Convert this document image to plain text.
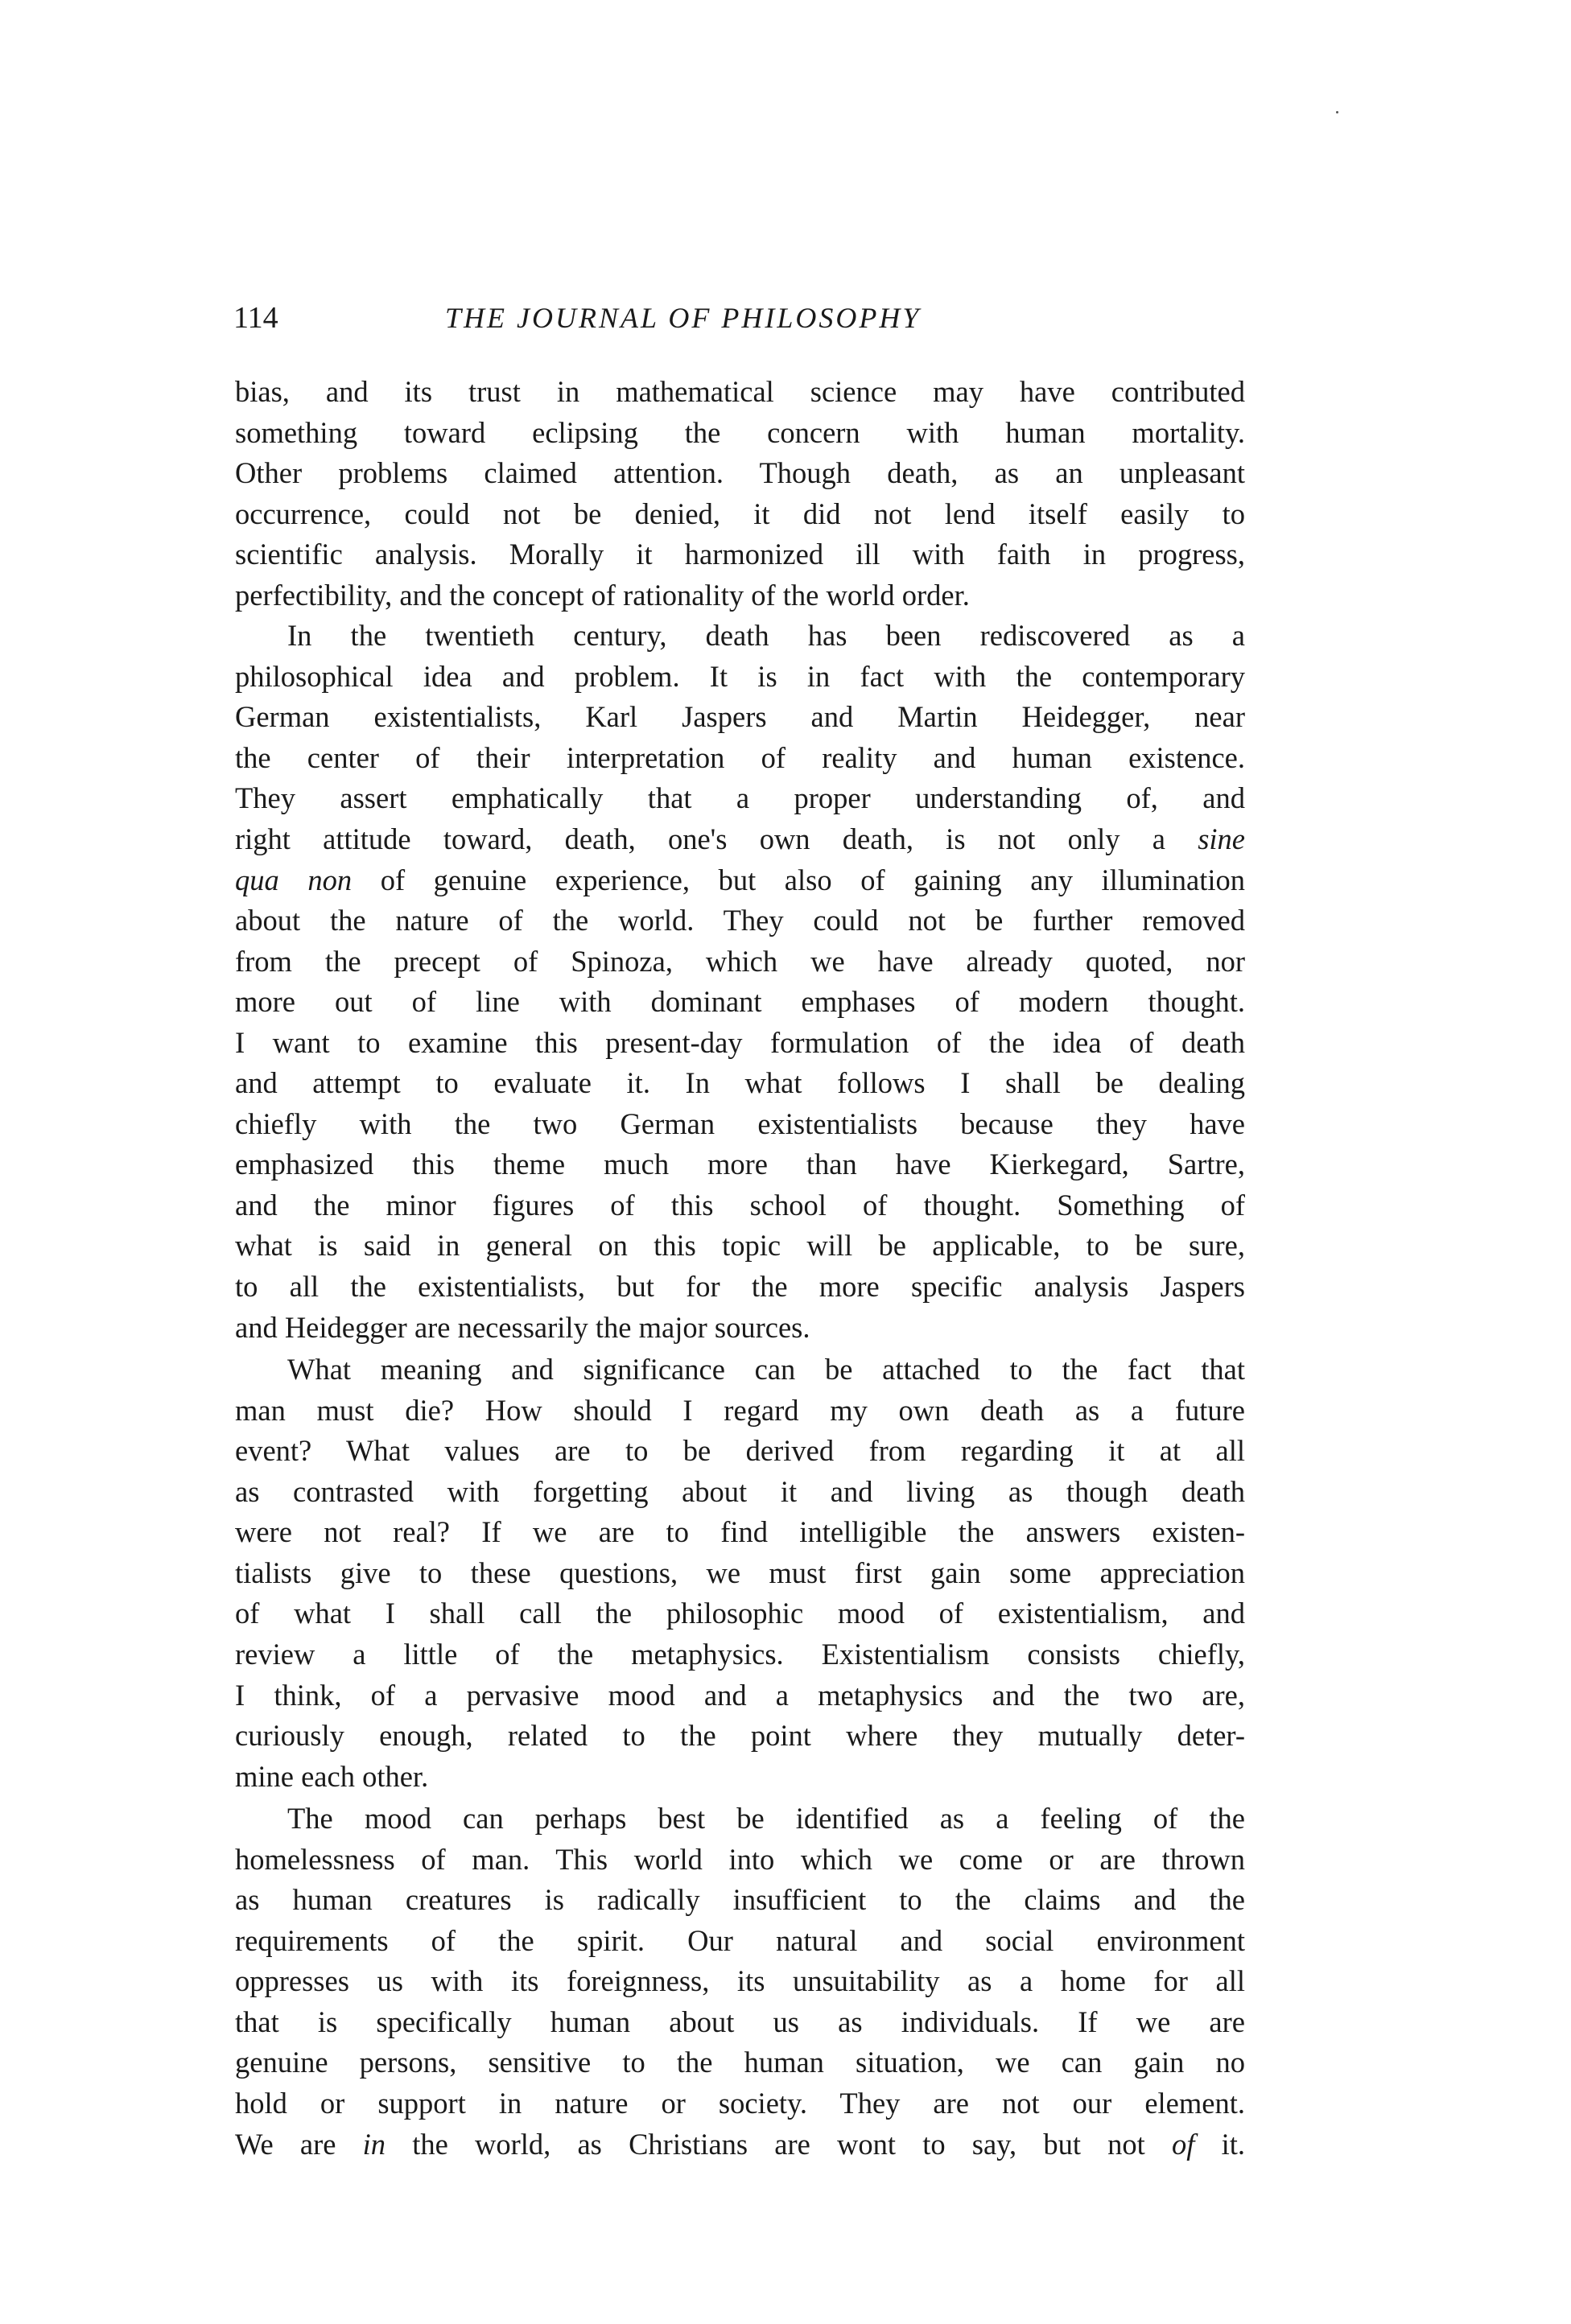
114	THE JOURNAL OF PHILOSOPHY
bias, and its trust in mathematical science may have contributed
something toward eclipsing the concern with human mortality.
Other problems claimed attention. Though death, as an unpleasant
occurrence, could not be denied, it did not lend itself easily to
scientific analysis. Morally it harmonized ill with faith in progress,
perfectibility, and the concept of rationality of the world order.
In the twentieth century, death has been rediscovered as a
philosophical idea and problem. It is in fact with the contemporary
German existentialists, Karl Jaspers and Martin Heidegger, near
the center of their interpretation of reality and human existence.
They assert emphatically that a proper understanding of, and
right attitude toward, death, one's own death, is not only a sine
qua non of genuine experience, but also of gaining any illumination
about the nature of the world. They could not be further removed
from the precept of Spinoza, which we have already quoted, nor
more out of line with dominant emphases of modern thought.
I want to examine this present-day formulation of the idea of death
and attempt to evaluate it. In what follows I shall be dealing
chiefly with the two German existentialists because they have
emphasized this theme much more than have Kierkegard, Sartre,
and the minor figures of this school of thought. Something of
what is said in general on this topic will be applicable, to be sure,
to all the existentialists, but for the more specific analysis Jaspers
and Heidegger are necessarily the major sources.
What meaning and significance can be attached to the fact that
man must die? How should I regard my own death as a future
event? What values are to be derived from regarding it at all
as contrasted with forgetting about it and living as though death
were not real? If we are to find intelligible the answers existen-
tialists give to these questions, we must first gain some appreciation
of what I shall call the philosophic mood of existentialism, and
review a little of the metaphysics. Existentialism consists chiefly,
I think, of a pervasive mood and a metaphysics and the two are,
curiously enough, related to the point where they mutually deter-
mine each other.
The mood can perhaps best be identified as a feeling of the
homelessness of man. This world into which we come or are thrown
as human creatures is radically insufficient to the claims and the
requirements of the spirit. Our natural and social environment
oppresses us with its foreignness, its unsuitability as a home for all
that is specifically human about us as individuals. If we are
genuine persons, sensitive to the human situation, we can gain no
hold or support in nature or society. They are not our element.
We are in the world, as Christians are wont to say, but not of it.
